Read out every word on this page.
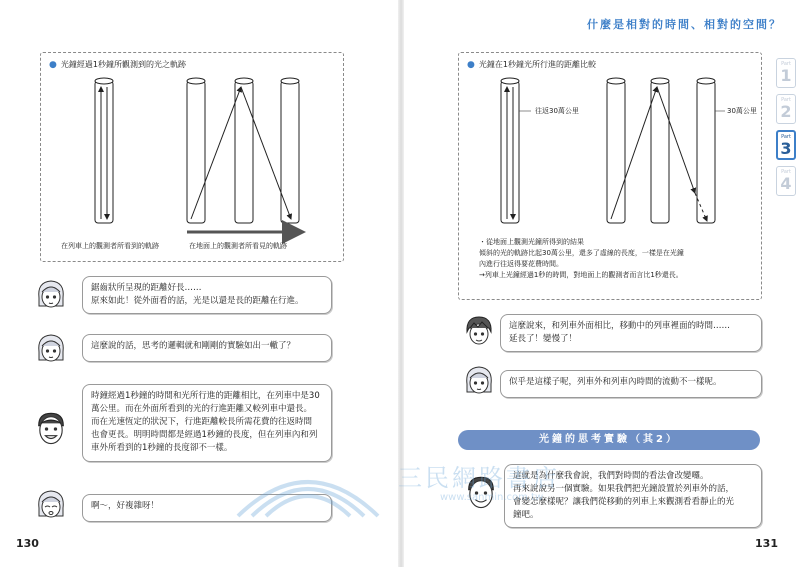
什麼是相對的時間、相對的空間？
130	131
Part
1
Part
2
Part
3
Part
4
● 光鐘經過1秒鐘所觀測到的光之軌跡
在列車上的觀測者所看到的軌跡	在地面上的觀測者所看見的軌跡

鋸齒狀所呈現的距離好長……

原來如此！從外面看的話，光是以還是長的距離在行進。

這麼說的話，思考的邏輯就和剛剛的實驗如出一轍了？

時鐘經過1秒鐘的時間和光所行進的距離相比，在列車中是30

萬公里。而在外面所看到的光的行進距離又較列車中還長。

而在光速恆定的狀況下，行進距離較長所需花費的往返時間

也會更長。明明時間都是經過1秒鐘的長度，但在列車內和列

車外所看到的1秒鐘的長度卻不一樣。

啊～，好複雜呀！

● 光鐘在1秒鐘光所行進的距離比較
往返30萬公里	30萬公里
・從地面上觀測光鐘所得到的結果
傾斜的光的軌跡比起30萬公里，還多了虛線的長度，一樣是在光鐘
內進行往返得要花費時間。
→列車上光鐘經過1秒的時間，對地面上的觀測者而言比1秒還長。

這麼說來，和列車外面相比，移動中的列車裡面的時間……

延長了！變慢了！

似乎是這樣子呢，列車外和列車內時間的流動不一樣呢。

光鐘的思考實驗（其2）

這就是為什麼我會說，我們對時間的看法會改變囉。

再來說說另一個實驗。如果我們把光鐘設置於列車外的話，

會變怎麼樣呢？讓我們從移動的列車上來觀測看看靜止的光

鐘吧。

三民網路書店
www.sanmin.com.tw
